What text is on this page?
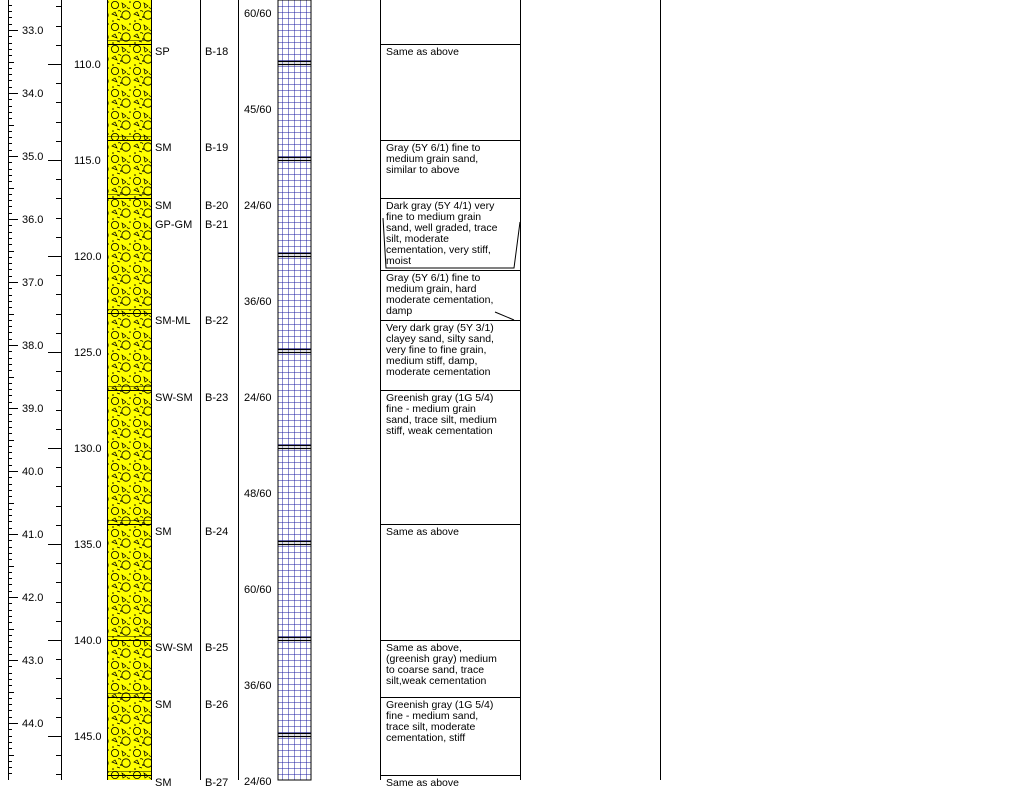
33.0
34.0
35.0
36.0
37.0
38.0
39.0
40.0
41.0
42.0
43.0
44.0
110.0
115.0
120.0
125.0
130.0
135.0
140.0
145.0
SP
SM
SM
GP-GM
SM-ML
SW-SM
SM
SW-SM
SM
SM
B-18
B-19
B-20
B-21
B-22
B-23
B-24
B-25
B-26
B-27
60/60
45/60
24/60
36/60
24/60
48/60
60/60
36/60
24/60
Same as above
Gray (5Y 6/1) fine to
medium grain sand,
similar to above
Dark gray (5Y 4/1) very
fine to medium grain
sand, well graded, trace
silt, moderate
cementation, very stiff,
moist
Gray (5Y 6/1) fine to
medium grain, hard
moderate cementation,
damp
Very dark gray (5Y 3/1)
clayey sand, silty sand,
very fine to fine grain,
medium stiff, damp,
moderate cementation
Greenish gray (1G 5/4)
fine - medium grain
sand, trace silt, medium
stiff, weak cementation
Same as above
Same as above,
(greenish gray) medium
to coarse sand, trace
silt,weak cementation
Greenish gray (1G 5/4)
fine - medium sand,
trace silt, moderate
cementation, stiff
Same as above
